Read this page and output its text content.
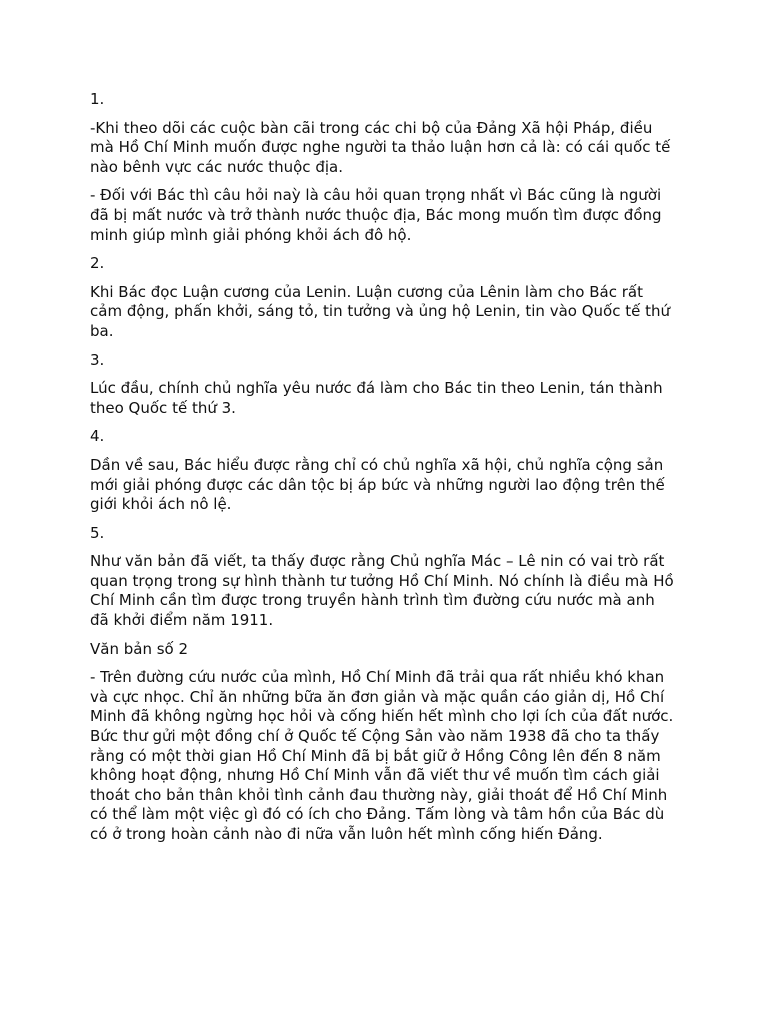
1.

-Khi theo dõi các cuộc bàn cãi trong các chi bộ của Đảng Xã hội Pháp, điều mà Hồ Chí Minh muốn được nghe người ta thảo luận hơn cả là: có cái quốc tế nào bênh vực các nước thuộc địa.

- Đối với Bác thì câu hỏi naỳ là câu hỏi quan trọng nhất vì Bác cũng là người đã bị mất nước và trở thành nước thuộc địa, Bác mong muốn tìm được đồng minh giúp mình giải phóng khỏi ách đô hộ.

2.

Khi Bác đọc Luận cương của Lenin. Luận cương của Lênin làm cho Bác rất cảm động, phấn khởi, sáng tỏ, tin tưởng và ủng hộ Lenin, tin vào Quốc tế thứ ba.

3.

Lúc đầu, chính chủ nghĩa yêu nước đá làm cho Bác tin theo Lenin, tán thành theo Quốc tế thứ 3.

4.

Dần về sau, Bác hiểu được rằng chỉ có chủ nghĩa xã hội, chủ nghĩa cộng sản mới giải phóng được các dân tộc bị áp bức và những người lao động trên thế giới khỏi ách nô lệ.

5.

Như văn bản đã viết, ta thấy được rằng Chủ nghĩa Mác – Lê nin có vai trò rất quan trọng trong sự hình thành tư tưởng Hồ Chí Minh. Nó chính là điều mà Hồ Chí Minh cần tìm được trong truyền hành trình tìm đường cứu nước mà anh đã khởi điểm năm 1911.

Văn bản số 2

- Trên đường cứu nước của mình, Hồ Chí Minh đã trải qua rất nhiều khó khan và cực nhọc. Chỉ ăn những bữa ăn đơn giản và mặc quần cáo giản dị, Hồ Chí Minh đã không ngừng học hỏi và cống hiến hết mình cho lợi ích của đất nước. Bức thư gửi một đồng chí ở Quốc tế Cộng Sản vào năm 1938 đã cho ta thấy rằng có một thời gian Hồ Chí Minh đã bị bắt giữ ở Hồng Công lên đến 8 năm không hoạt động, nhưng Hồ Chí Minh vẫn đã viết thư về muốn tìm cách giải thoát cho bản thân khỏi tình cảnh đau thường này, giải thoát để Hồ Chí Minh có thể làm một việc gì đó có ích cho Đảng. Tấm lòng và tâm hồn của Bác dù có ở trong hoàn cảnh nào đi nữa vẫn luôn hết mình cống hiến Đảng.
